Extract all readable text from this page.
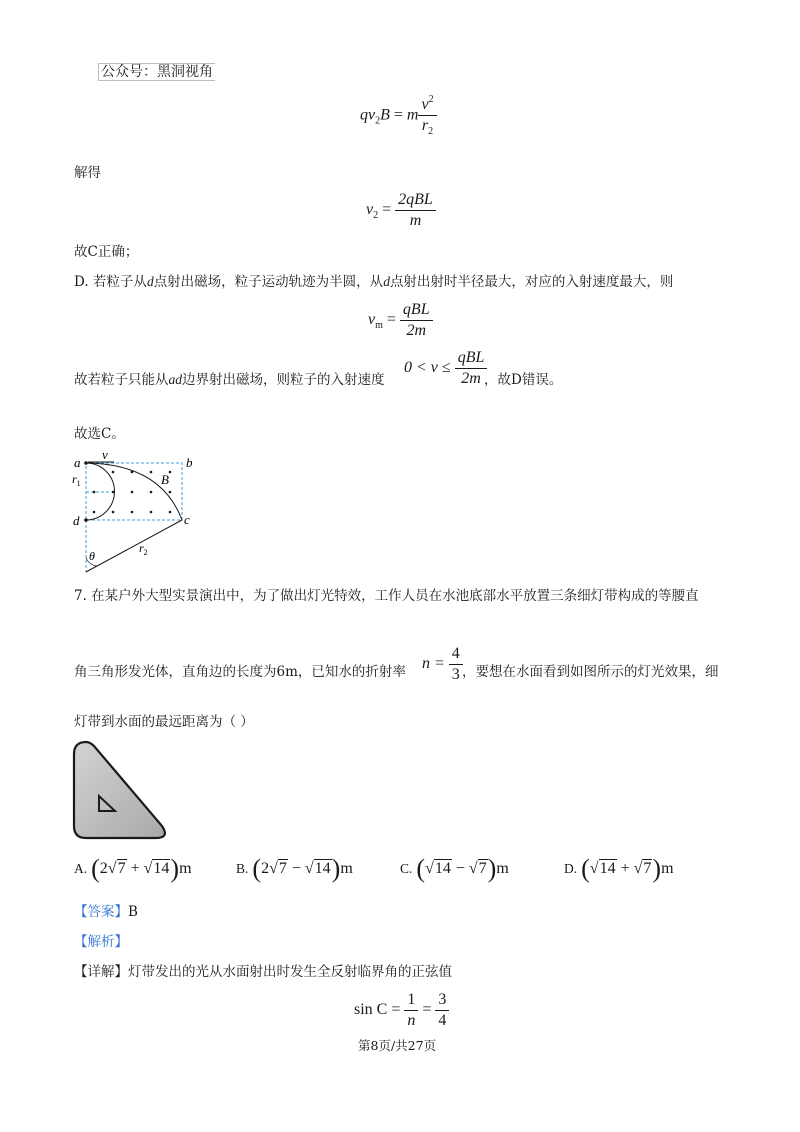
公众号：黑洞视角
$qv_2B = m \frac{v^2}{r_2}$
解得
$v_2 = \frac{\text{2qBL}}{m}$
故C正确；
D. 若粒子从d点射出磁场，粒子运动轨迹为半圆，从d点射出射时半径最大，对应的入射速度最大，则
$v_m = \frac{\text{qBL}}{2m}$
故若粒子只能从ad边界射出磁场，则粒子的入射速度
$0 < v \le \frac{\text{qBL}}{2m}$
，故D错误。
故选C。
a	b
c
d
v
B
$r_1$
$r_2$
θ
7. 在某户外大型实景演出中，为了做出灯光特效，工作人员在水池底部水平放置三条细灯带构成的等腰直
角三角形发光体，直角边的长度为6m，已知水的折射率 $n = \frac{4}{3}$ ，要想在水面看到如图所示的灯光效果，细
灯带到水面的最远距离为（ ）
A. (2√7 + √14)m	B. (2√7 − √14)m	C. (√14 − √7)m	D. (√14 + √7)m
【答案】B
【解析】
【详解】灯带发出的光从水面射出时发生全反射临界角的正弦值
$\sin C = \frac{1}{n} = \frac{3}{4}$
第8页/共27页
